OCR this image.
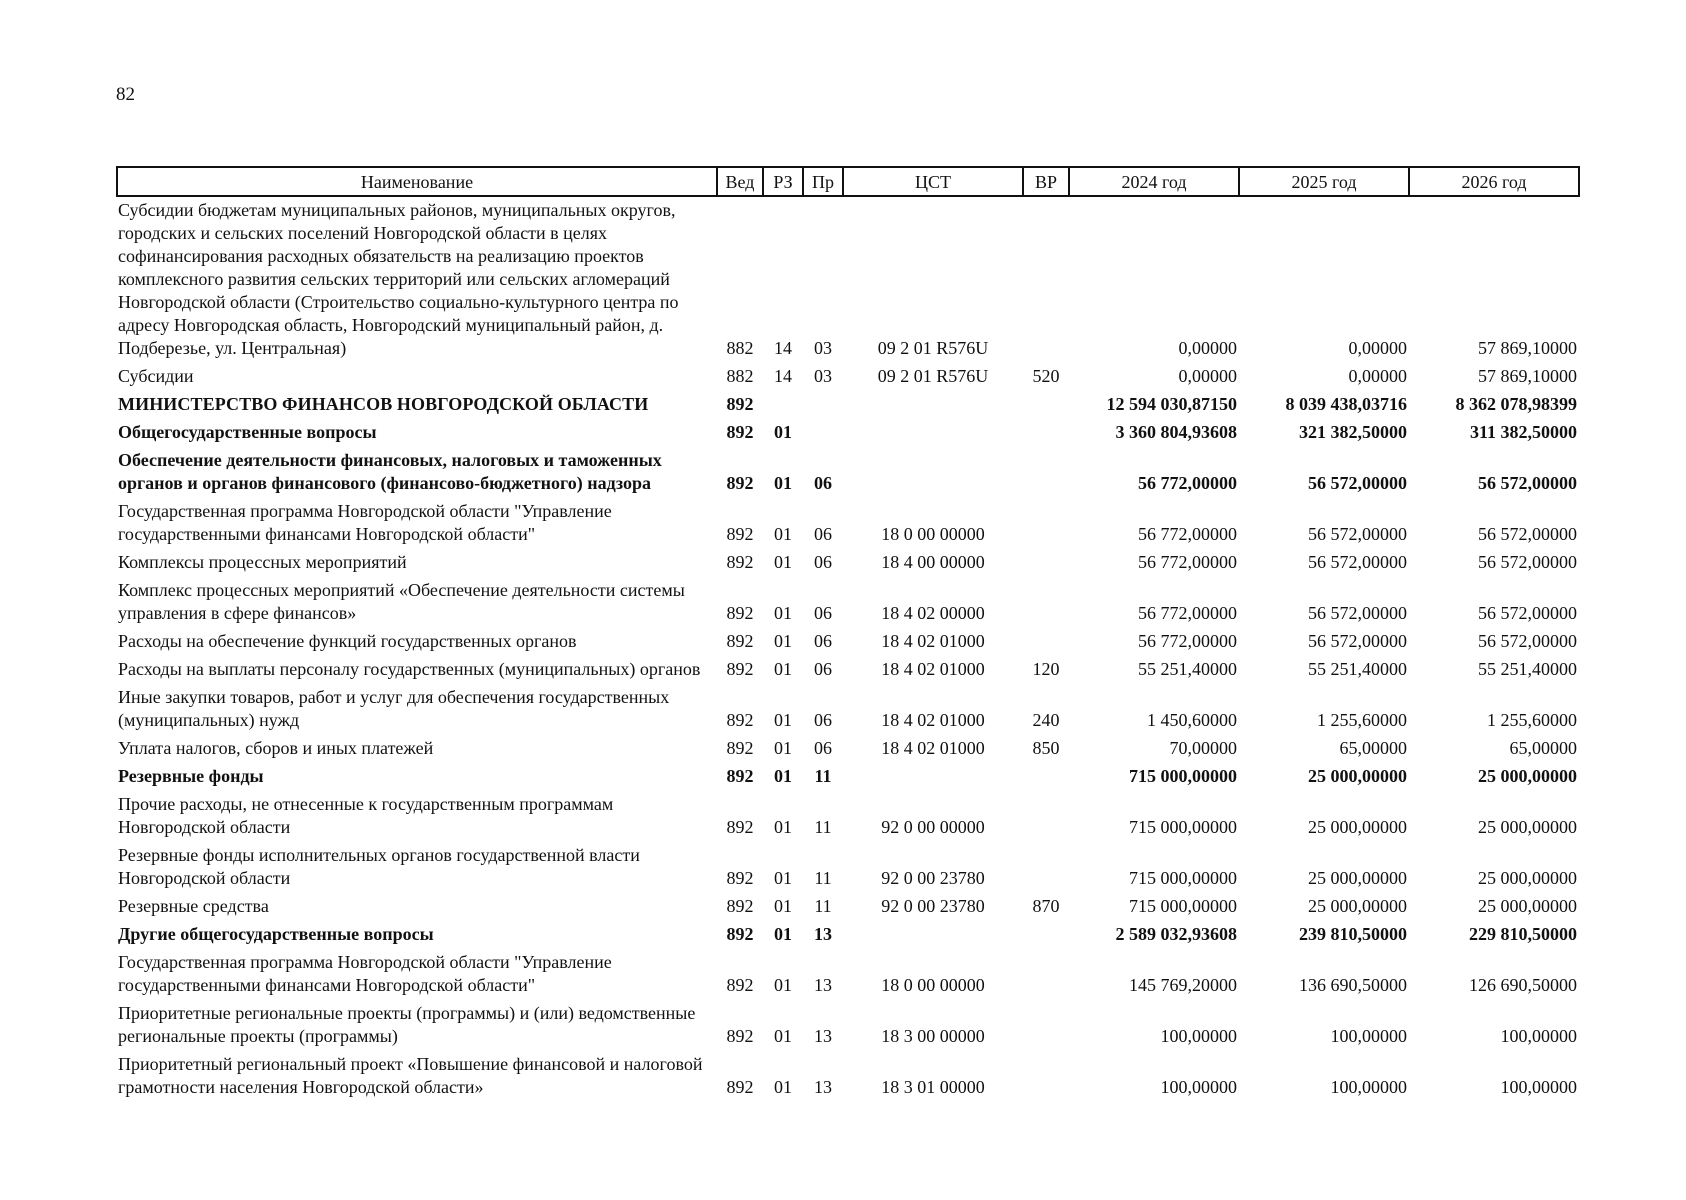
82
Наименование	Вед	РЗ	Пр	ЦСТ	ВР	2024 год	2025 год	2026 год
Субсидии бюджетам муниципальных районов, муниципальных округов, городских и сельских поселений Новгородской области в целях софинансирования расходных обязательств на реализацию проектов комплексного развития сельских территорий или сельских агломераций Новгородской области (Строительство социально-культурного центра по адресу Новгородская область, Новгородский муниципальный район, д. Подберезье, ул. Центральная)	882	14	03	09 2 01 R576U		0,00000	0,00000	57 869,10000
Субсидии	882	14	03	09 2 01 R576U	520	0,00000	0,00000	57 869,10000
МИНИСТЕРСТВО ФИНАНСОВ НОВГОРОДСКОЙ ОБЛАСТИ	892					12 594 030,87150	8 039 438,03716	8 362 078,98399
Общегосударственные вопросы	892	01				3 360 804,93608	321 382,50000	311 382,50000
Обеспечение деятельности финансовых, налоговых и таможенных органов и органов финансового (финансово-бюджетного) надзора	892	01	06			56 772,00000	56 572,00000	56 572,00000
Государственная программа Новгородской области "Управление государственными финансами Новгородской области"	892	01	06	18 0 00 00000		56 772,00000	56 572,00000	56 572,00000
Комплексы процессных мероприятий	892	01	06	18 4 00 00000		56 772,00000	56 572,00000	56 572,00000
Комплекс процессных мероприятий «Обеспечение деятельности системы управления в сфере финансов»	892	01	06	18 4 02 00000		56 772,00000	56 572,00000	56 572,00000
Расходы на обеспечение функций государственных органов	892	01	06	18 4 02 01000		56 772,00000	56 572,00000	56 572,00000
Расходы на выплаты персоналу государственных (муниципальных) органов	892	01	06	18 4 02 01000	120	55 251,40000	55 251,40000	55 251,40000
Иные закупки товаров, работ и услуг для обеспечения государственных (муниципальных) нужд	892	01	06	18 4 02 01000	240	1 450,60000	1 255,60000	1 255,60000
Уплата налогов, сборов и иных платежей	892	01	06	18 4 02 01000	850	70,00000	65,00000	65,00000
Резервные фонды	892	01	11			715 000,00000	25 000,00000	25 000,00000
Прочие расходы, не отнесенные к государственным программам Новгородской области	892	01	11	92 0 00 00000		715 000,00000	25 000,00000	25 000,00000
Резервные фонды исполнительных органов государственной власти Новгородской области	892	01	11	92 0 00 23780		715 000,00000	25 000,00000	25 000,00000
Резервные средства	892	01	11	92 0 00 23780	870	715 000,00000	25 000,00000	25 000,00000
Другие общегосударственные вопросы	892	01	13			2 589 032,93608	239 810,50000	229 810,50000
Государственная программа Новгородской области "Управление государственными финансами Новгородской области"	892	01	13	18 0 00 00000		145 769,20000	136 690,50000	126 690,50000
Приоритетные региональные проекты (программы) и (или) ведомственные региональные проекты (программы)	892	01	13	18 3 00 00000		100,00000	100,00000	100,00000
Приоритетный региональный проект «Повышение финансовой и налоговой грамотности населения Новгородской области»	892	01	13	18 3 01 00000		100,00000	100,00000	100,00000
